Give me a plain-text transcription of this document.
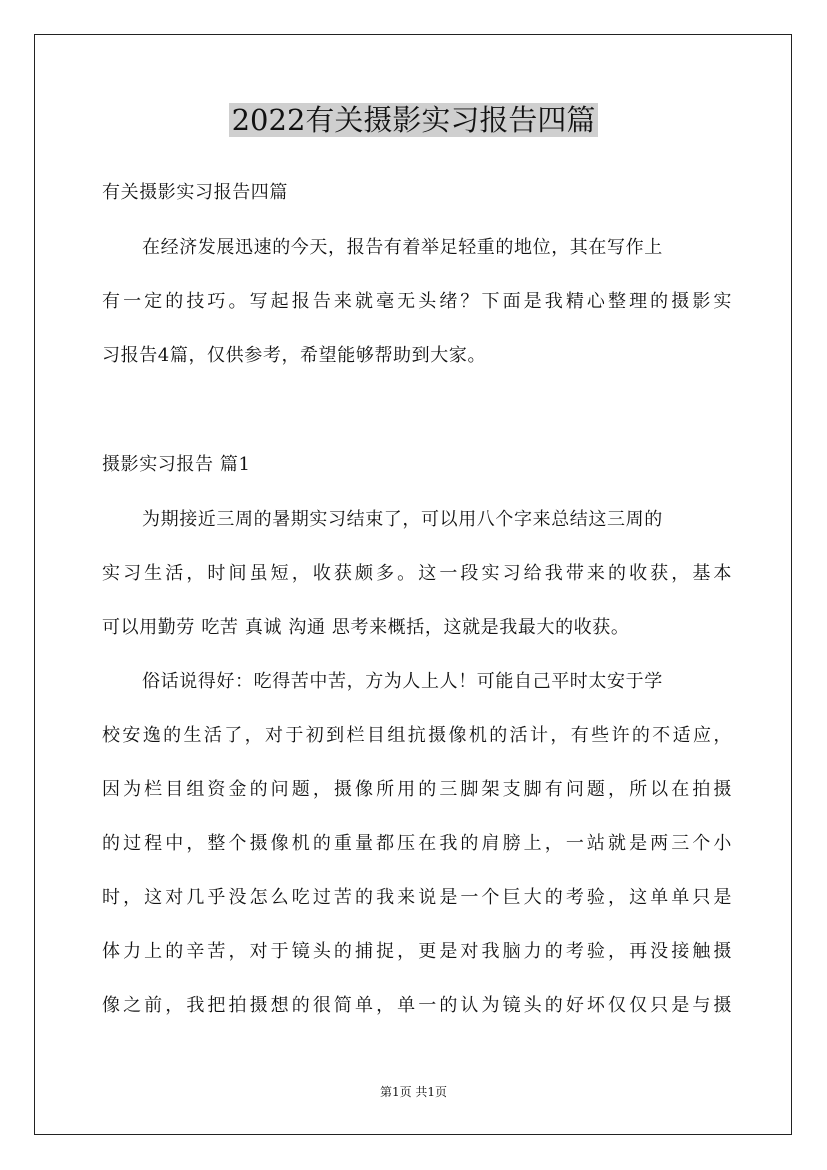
2022有关摄影实习报告四篇
有关摄影实习报告四篇
在经济发展迅速的今天，报告有着举足轻重的地位，其在写作上
有一定的技巧。写起报告来就毫无头绪？下面是我精心整理的摄影实
习报告4篇，仅供参考，希望能够帮助到大家。
摄影实习报告 篇1
为期接近三周的暑期实习结束了，可以用八个字来总结这三周的
实习生活，时间虽短，收获颇多。这一段实习给我带来的收获，基本
可以用勤劳 吃苦 真诚 沟通 思考来概括，这就是我最大的收获。
俗话说得好：吃得苦中苦，方为人上人！可能自己平时太安于学
校安逸的生活了，对于初到栏目组抗摄像机的活计，有些许的不适应，
因为栏目组资金的问题，摄像所用的三脚架支脚有问题，所以在拍摄
的过程中，整个摄像机的重量都压在我的肩膀上，一站就是两三个小
时，这对几乎没怎么吃过苦的我来说是一个巨大的考验，这单单只是
体力上的辛苦，对于镜头的捕捉，更是对我脑力的考验，再没接触摄
像之前，我把拍摄想的很简单，单一的认为镜头的好坏仅仅只是与摄
第1页 共1页
